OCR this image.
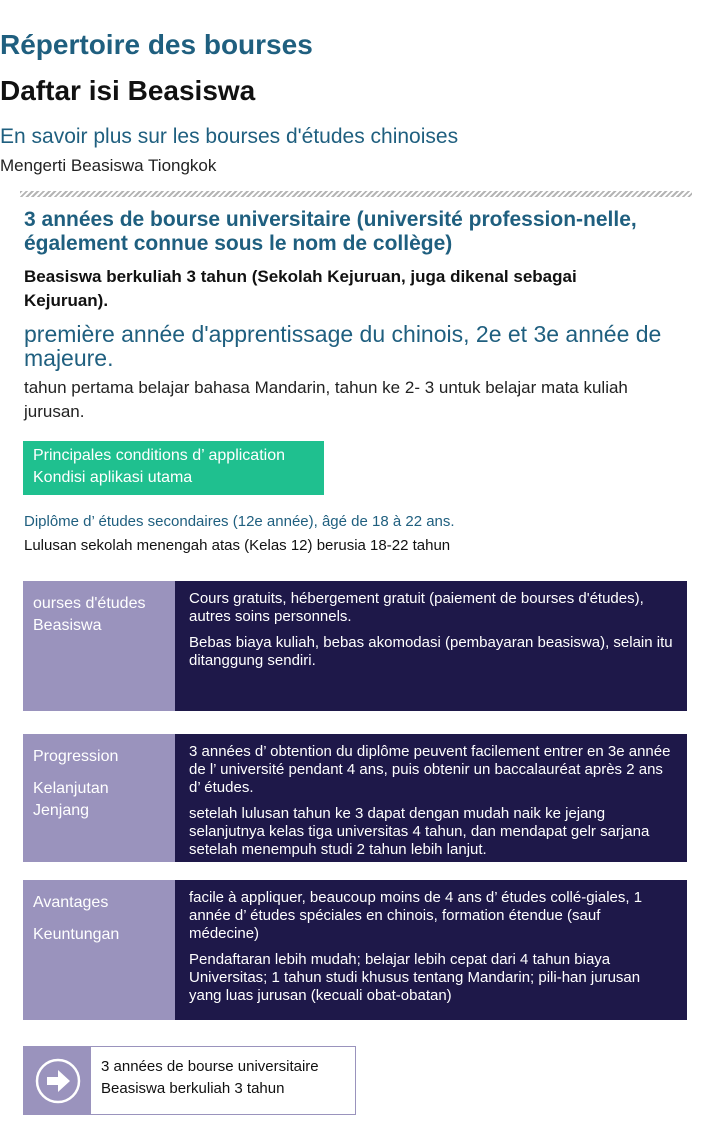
Répertoire des bourses
Daftar isi Beasiswa
En savoir plus sur les bourses d'études chinoises
Mengerti Beasiswa Tiongkok
3 années de bourse universitaire (université profession-nelle, également connue sous le nom de collège)
Beasiswa berkuliah 3 tahun (Sekolah Kejuruan, juga dikenal sebagai Kejuruan).
première année d'apprentissage du chinois, 2e et 3e année de majeure.
tahun pertama belajar bahasa Mandarin, tahun ke 2- 3 untuk belajar mata kuliah jurusan.
Principales conditions d’ application
Kondisi aplikasi utama
Diplôme d’ études secondaires (12e année), âgé de 18 à 22 ans.
Lulusan sekolah menengah atas (Kelas 12) berusia 18-22 tahun
ourses d'études
Beasiswa

Cours gratuits, hébergement gratuit (paiement de bourses d'études), autres soins personnels.

Bebas biaya kuliah, bebas akomodasi (pembayaran beasiswa), selain itu ditanggung sendiri.

Progression
Kelanjutan Jenjang

3 années d’ obtention du diplôme peuvent facilement entrer en 3e année de l’ université pendant 4 ans, puis obtenir un baccalauréat après 2 ans d’ études.

setelah lulusan tahun ke 3 dapat dengan mudah naik ke jejang selanjutnya kelas tiga universitas 4 tahun, dan mendapat gelr sarjana setelah menempuh studi 2 tahun lebih lanjut.

Avantages
Keuntungan

facile à appliquer, beaucoup moins de 4 ans d’ études collé-giales, 1 année d’ études spéciales en chinois, formation étendue (sauf médecine)

Pendaftaran lebih mudah; belajar lebih cepat dari 4 tahun biaya Universitas; 1 tahun studi khusus tentang Mandarin; pili-han jurusan yang luas jurusan (kecuali obat-obatan)

3 années de bourse universitaire
Beasiswa berkuliah 3 tahun
